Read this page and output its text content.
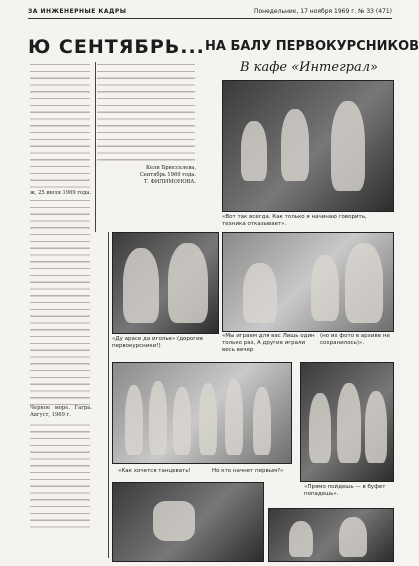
ЗА ИНЖЕНЕРНЫЕ КАДРЫ	Понедельник, 17 ноября 1969 г. № 33 (471)
Ю СЕНТЯБРЬ... НА БАЛУ ПЕРВОКУРСНИКОВ
В кафе «Интеграл»
ж, 25 июля 1969 года.
Черное море. Гагра. Август, 1969 г.
Келн Брюсселева,
Сентябрь 1969 года.
Т. ФИЛИМОНОВА.
«Вот так всегда. Как только я начинаю говорить, техника отказывает».
«Ду арасе да иголье» (дорогие первокурсники!)
«Мы играем для вас Лишь один только раз, А другие играли весь вечер
(но их фото в архиве не сохранилось)».
«Как хочется танцевать!	Но кто начнет первым?»
«Прямо пойдешь — в буфет попадешь».
